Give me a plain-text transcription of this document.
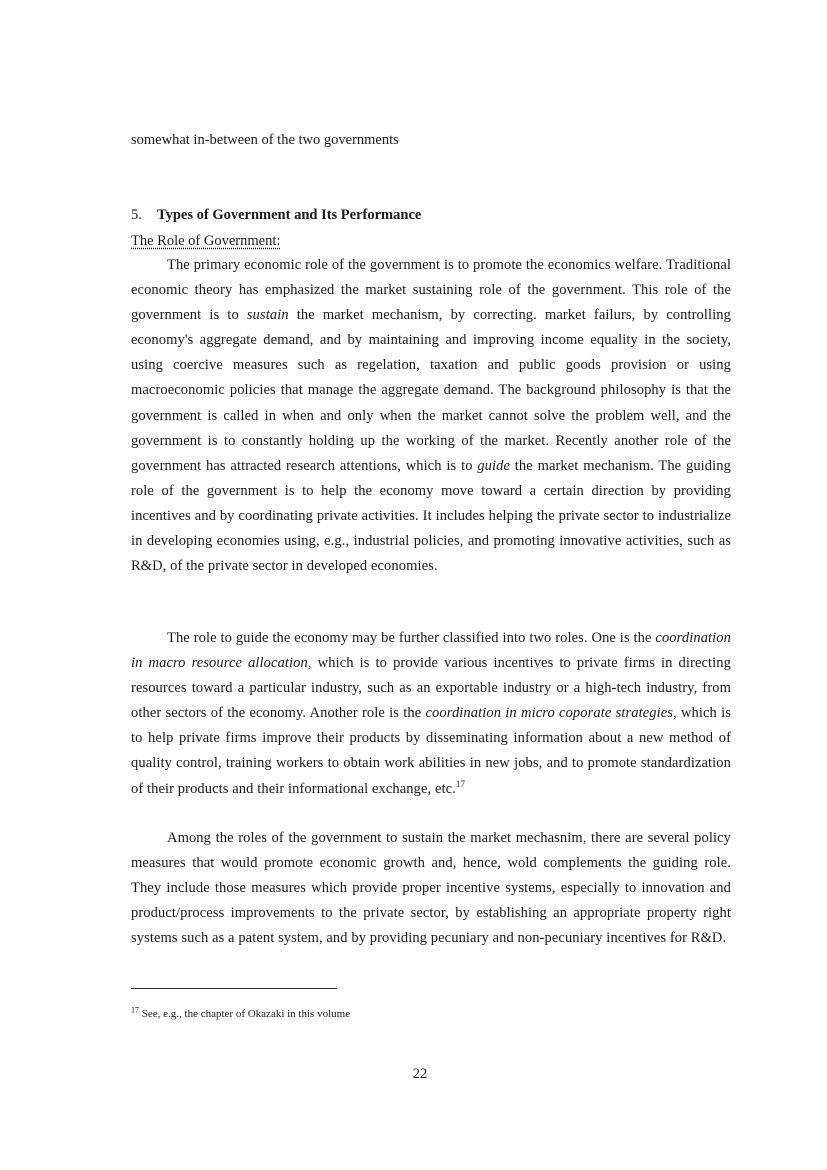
somewhat in-between of the two governments
5. Types of Government and Its Performance
The Role of Government:

The primary economic role of the government is to promote the economics welfare. Traditional economic theory has emphasized the market sustaining role of the government. This role of the government is to sustain the market mechanism, by correcting. market failurs, by controlling economy's aggregate demand, and by maintaining and improving income equality in the society, using coercive measures such as regelation, taxation and public goods provision or using macroeconomic policies that manage the aggregate demand. The background philosophy is that the government is called in when and only when the market cannot solve the problem well, and the government is to constantly holding up the working of the market. Recently another role of the government has attracted research attentions, which is to guide the market mechanism. The guiding role of the government is to help the economy move toward a certain direction by providing incentives and by coordinating private activities. It includes helping the private sector to industrialize in developing economies using, e.g., industrial policies, and promoting innovative activities, such as R&D, of the private sector in developed economies.

The role to guide the economy may be further classified into two roles. One is the coordination in macro resource allocation, which is to provide various incentives to private firms in directing resources toward a particular industry, such as an exportable industry or a high-tech industry, from other sectors of the economy. Another role is the coordination in micro coporate strategies, which is to help private firms improve their products by disseminating information about a new method of quality control, training workers to obtain work abilities in new jobs, and to promote standardization of their products and their informational exchange, etc.$^{17}$

Among the roles of the government to sustain the market mechasnim, there are several policy measures that would promote economic growth and, hence, wold complements the guiding role. They include those measures which provide proper incentive systems, especially to innovation and product/process improvements to the private sector, by establishing an appropriate property right systems such as a patent system, and by providing pecuniary and non-pecuniary incentives for R&D.

$^{17}$ See, e.g., the chapter of Okazaki in this volume
22
